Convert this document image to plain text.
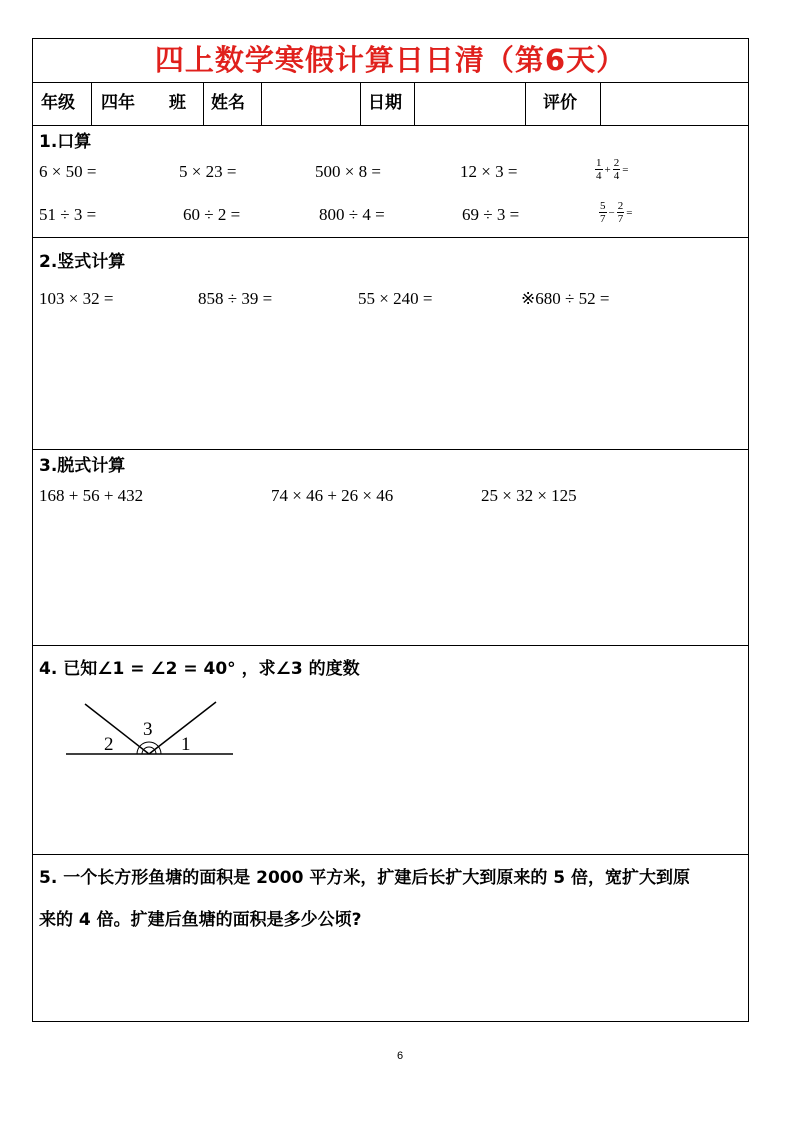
四上数学寒假计算日日清（第6天）
年级 四年 班 姓名	日期	评价
1.口算
6 × 50 =	5 × 23 =	500 × 8 =	12 × 3 =	$\frac{1}{4} + \frac{2}{4}$ =
51 ÷ 3 =	60 ÷ 2 =	800 ÷ 4 =	69 ÷ 3 =	$\frac{5}{7} - \frac{2}{7}$ =
2.竖式计算
103 × 32 =	858 ÷ 39 =	55 × 240 =	※680 ÷ 52 =
3.脱式计算
168 + 56 + 432	74 × 46 + 26 × 46	25 × 32 × 125
4. 已知∠1 = ∠2 = 40° ，求∠3 的度数
2
3
1
5. 一个长方形鱼塘的面积是 2000 平方米，扩建后长扩大到原来的 5 倍，宽扩大到原
来的 4 倍。扩建后鱼塘的面积是多少公顷?
6
